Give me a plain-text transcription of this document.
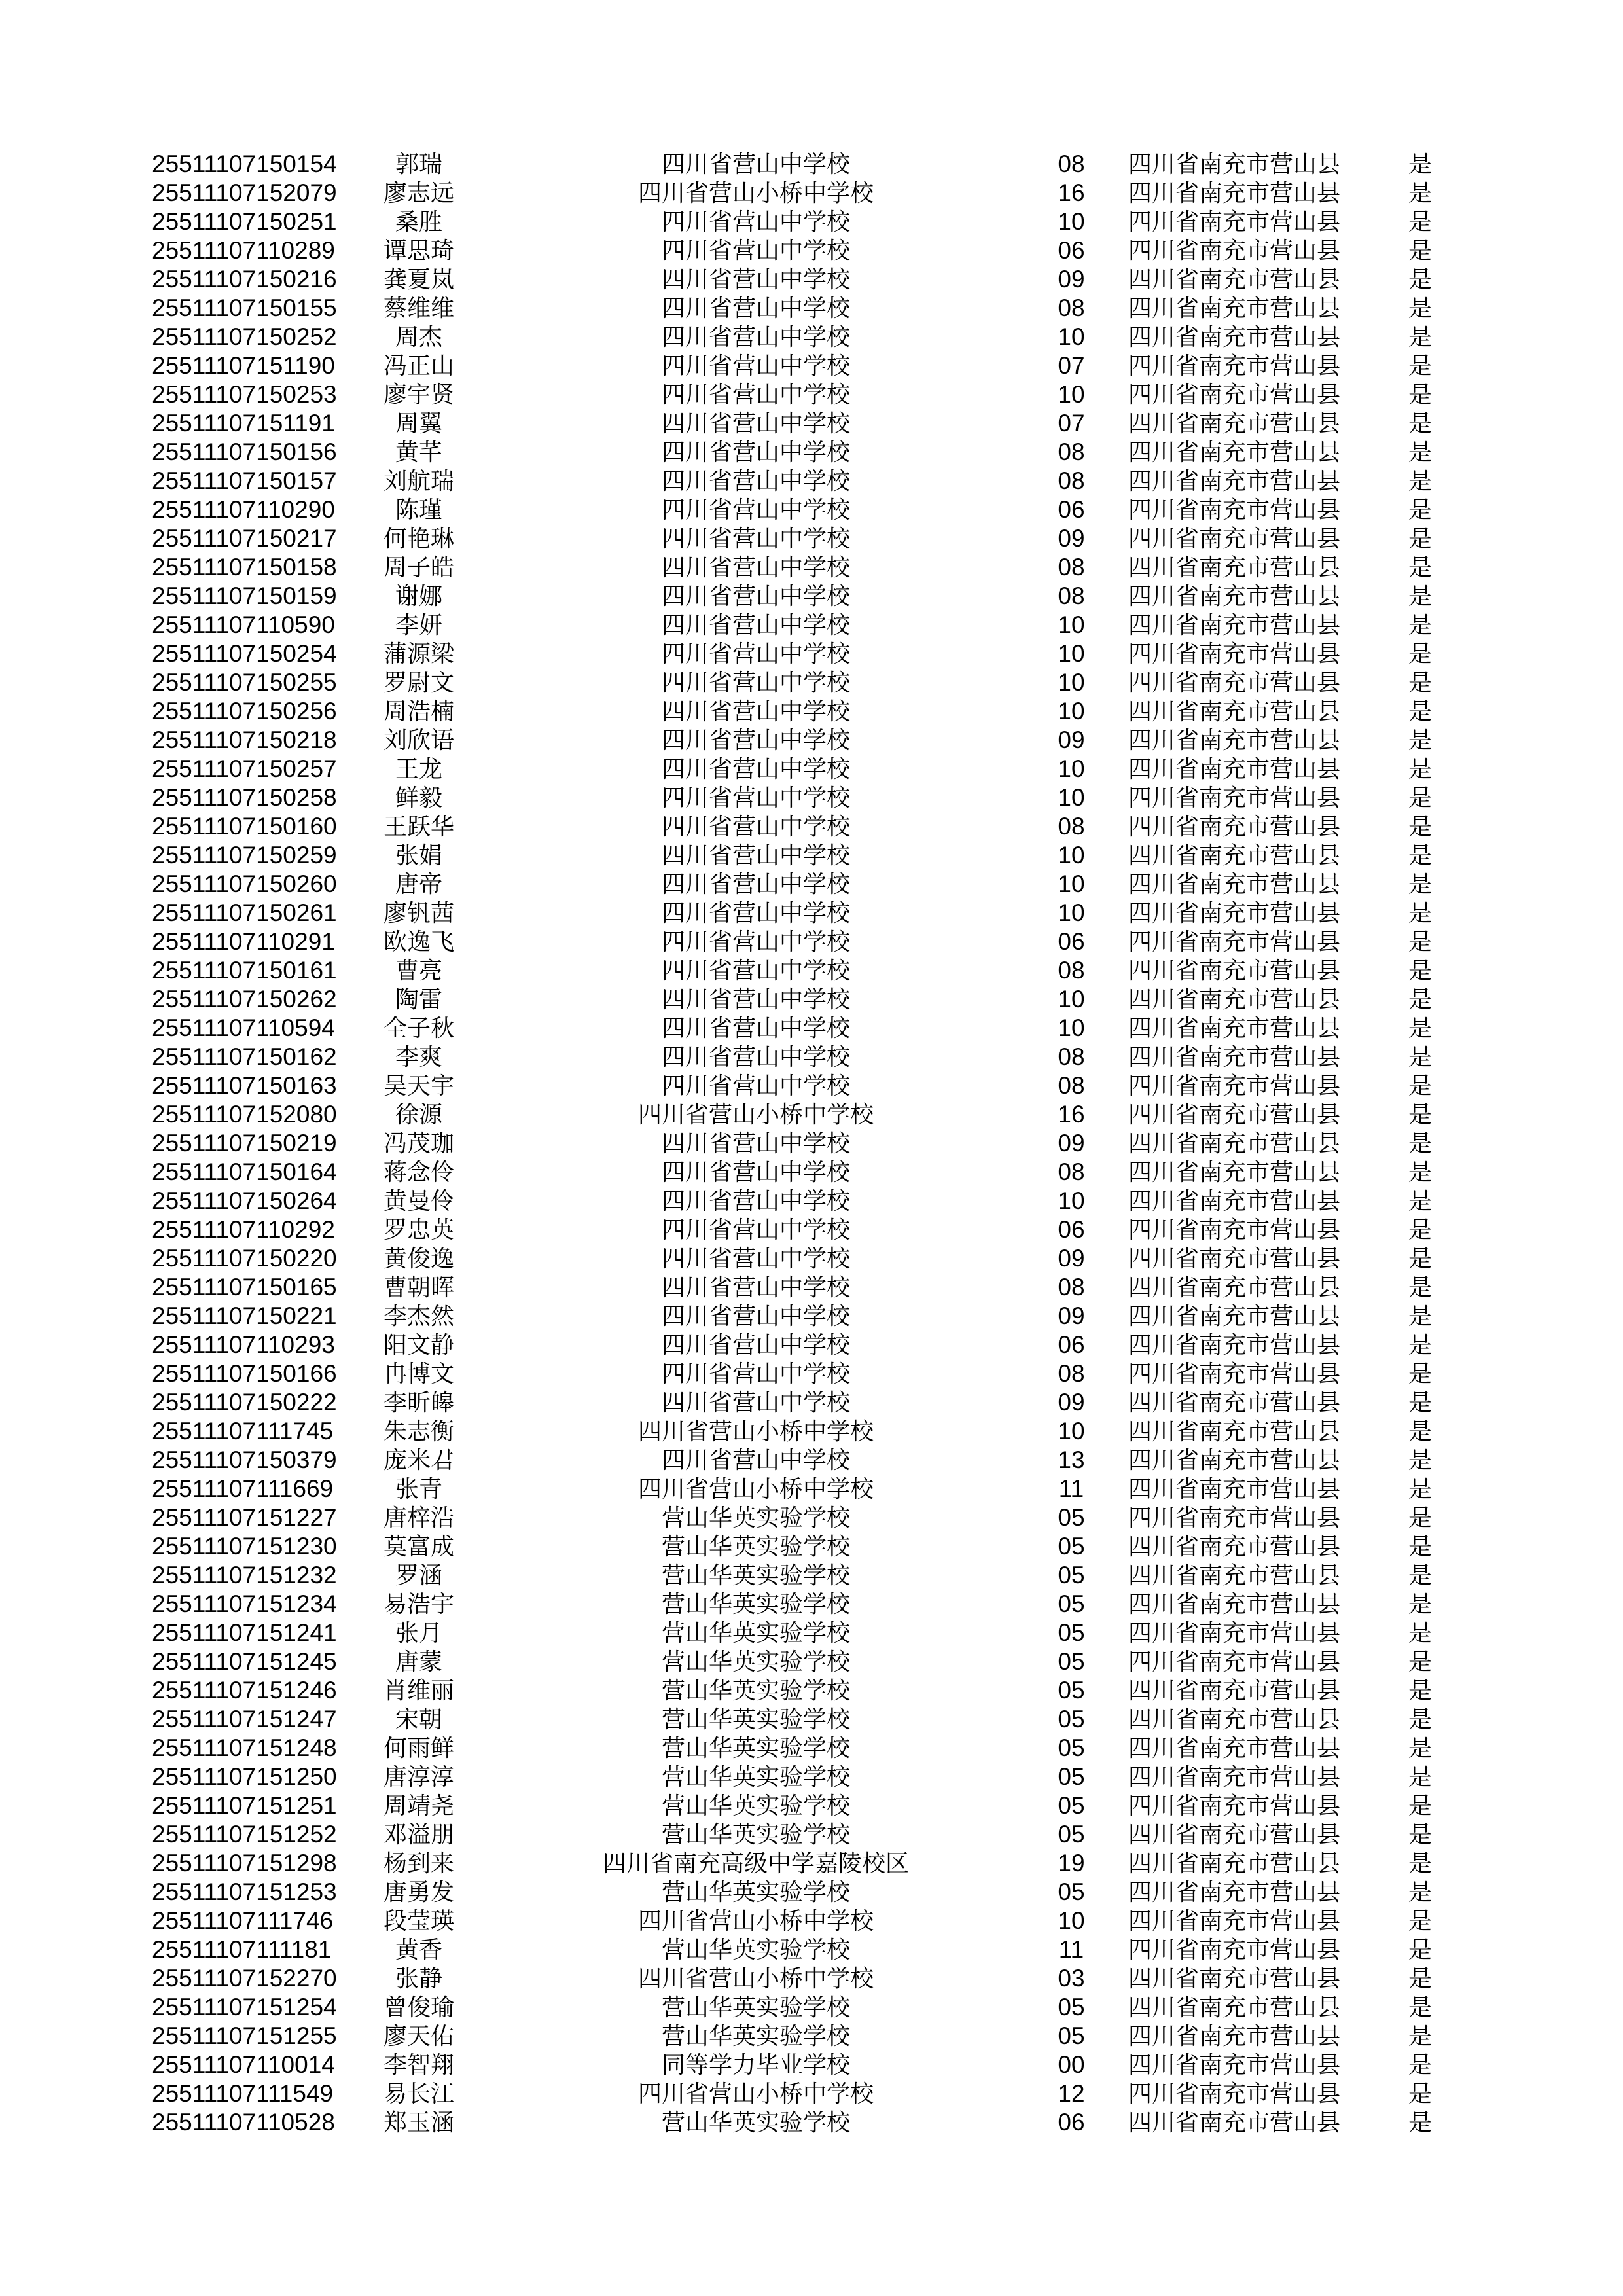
25511107150154	郭瑞	四川省营山中学校	08	四川省南充市营山县	是
25511107152079	廖志远	四川省营山小桥中学校	16	四川省南充市营山县	是
25511107150251	桑胜	四川省营山中学校	10	四川省南充市营山县	是
25511107110289	谭思琦	四川省营山中学校	06	四川省南充市营山县	是
25511107150216	龚夏岚	四川省营山中学校	09	四川省南充市营山县	是
25511107150155	蔡维维	四川省营山中学校	08	四川省南充市营山县	是
25511107150252	周杰	四川省营山中学校	10	四川省南充市营山县	是
25511107151190	冯正山	四川省营山中学校	07	四川省南充市营山县	是
25511107150253	廖宇贤	四川省营山中学校	10	四川省南充市营山县	是
25511107151191	周翼	四川省营山中学校	07	四川省南充市营山县	是
25511107150156	黄芊	四川省营山中学校	08	四川省南充市营山县	是
25511107150157	刘航瑞	四川省营山中学校	08	四川省南充市营山县	是
25511107110290	陈瑾	四川省营山中学校	06	四川省南充市营山县	是
25511107150217	何艳琳	四川省营山中学校	09	四川省南充市营山县	是
25511107150158	周子皓	四川省营山中学校	08	四川省南充市营山县	是
25511107150159	谢娜	四川省营山中学校	08	四川省南充市营山县	是
25511107110590	李妍	四川省营山中学校	10	四川省南充市营山县	是
25511107150254	蒲源梁	四川省营山中学校	10	四川省南充市营山县	是
25511107150255	罗尉文	四川省营山中学校	10	四川省南充市营山县	是
25511107150256	周浩楠	四川省营山中学校	10	四川省南充市营山县	是
25511107150218	刘欣语	四川省营山中学校	09	四川省南充市营山县	是
25511107150257	王龙	四川省营山中学校	10	四川省南充市营山县	是
25511107150258	鲜毅	四川省营山中学校	10	四川省南充市营山县	是
25511107150160	王跃华	四川省营山中学校	08	四川省南充市营山县	是
25511107150259	张娟	四川省营山中学校	10	四川省南充市营山县	是
25511107150260	唐帝	四川省营山中学校	10	四川省南充市营山县	是
25511107150261	廖钒茜	四川省营山中学校	10	四川省南充市营山县	是
25511107110291	欧逸飞	四川省营山中学校	06	四川省南充市营山县	是
25511107150161	曹亮	四川省营山中学校	08	四川省南充市营山县	是
25511107150262	陶雷	四川省营山中学校	10	四川省南充市营山县	是
25511107110594	全子秋	四川省营山中学校	10	四川省南充市营山县	是
25511107150162	李爽	四川省营山中学校	08	四川省南充市营山县	是
25511107150163	吴天宇	四川省营山中学校	08	四川省南充市营山县	是
25511107152080	徐源	四川省营山小桥中学校	16	四川省南充市营山县	是
25511107150219	冯茂珈	四川省营山中学校	09	四川省南充市营山县	是
25511107150164	蒋念伶	四川省营山中学校	08	四川省南充市营山县	是
25511107150264	黄曼伶	四川省营山中学校	10	四川省南充市营山县	是
25511107110292	罗忠英	四川省营山中学校	06	四川省南充市营山县	是
25511107150220	黄俊逸	四川省营山中学校	09	四川省南充市营山县	是
25511107150165	曹朝晖	四川省营山中学校	08	四川省南充市营山县	是
25511107150221	李杰然	四川省营山中学校	09	四川省南充市营山县	是
25511107110293	阳文静	四川省营山中学校	06	四川省南充市营山县	是
25511107150166	冉博文	四川省营山中学校	08	四川省南充市营山县	是
25511107150222	李昕皞	四川省营山中学校	09	四川省南充市营山县	是
25511107111745	朱志衡	四川省营山小桥中学校	10	四川省南充市营山县	是
25511107150379	庞米君	四川省营山中学校	13	四川省南充市营山县	是
25511107111669	张青	四川省营山小桥中学校	11	四川省南充市营山县	是
25511107151227	唐梓浩	营山华英实验学校	05	四川省南充市营山县	是
25511107151230	莫富成	营山华英实验学校	05	四川省南充市营山县	是
25511107151232	罗涵	营山华英实验学校	05	四川省南充市营山县	是
25511107151234	易浩宇	营山华英实验学校	05	四川省南充市营山县	是
25511107151241	张月	营山华英实验学校	05	四川省南充市营山县	是
25511107151245	唐蒙	营山华英实验学校	05	四川省南充市营山县	是
25511107151246	肖维丽	营山华英实验学校	05	四川省南充市营山县	是
25511107151247	宋朝	营山华英实验学校	05	四川省南充市营山县	是
25511107151248	何雨鲜	营山华英实验学校	05	四川省南充市营山县	是
25511107151250	唐淳淳	营山华英实验学校	05	四川省南充市营山县	是
25511107151251	周靖尧	营山华英实验学校	05	四川省南充市营山县	是
25511107151252	邓溢朋	营山华英实验学校	05	四川省南充市营山县	是
25511107151298	杨到来	四川省南充高级中学嘉陵校区	19	四川省南充市营山县	是
25511107151253	唐勇发	营山华英实验学校	05	四川省南充市营山县	是
25511107111746	段莹瑛	四川省营山小桥中学校	10	四川省南充市营山县	是
25511107111181	黄香	营山华英实验学校	11	四川省南充市营山县	是
25511107152270	张静	四川省营山小桥中学校	03	四川省南充市营山县	是
25511107151254	曾俊瑜	营山华英实验学校	05	四川省南充市营山县	是
25511107151255	廖天佑	营山华英实验学校	05	四川省南充市营山县	是
25511107110014	李智翔	同等学力毕业学校	00	四川省南充市营山县	是
25511107111549	易长江	四川省营山小桥中学校	12	四川省南充市营山县	是
25511107110528	郑玉涵	营山华英实验学校	06	四川省南充市营山县	是
